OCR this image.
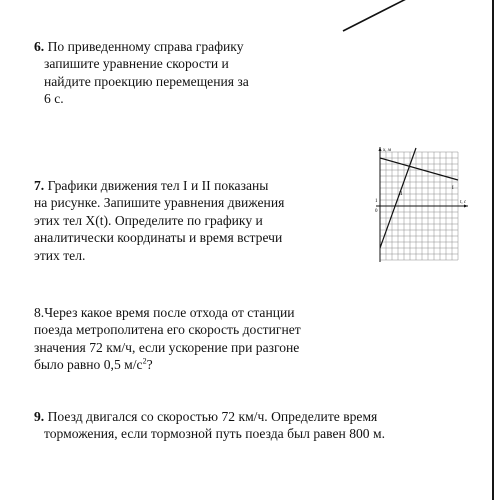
6. По приведенному справа графику
запишите уравнение скорости и
найдите проекцию перемещения за
6 с.
7. Графики движения тел I и II показаны
на рисунке. Запишите уравнения движения
этих тел X(t). Определите по графику и
аналитически координаты и время встречи
этих тел.
8.Через какое время после отхода от станции
поезда метрополитена его скорость достигнет
значения 72 км/ч, если ускорение при разгоне
было равно 0,5 $м/с^2$?
9. Поезд двигался со скоростью 72 км/ч. Определите время
торможения, если тормозной путь поезда был равен 800 м.
x, м
t, c
0
1
I
II
